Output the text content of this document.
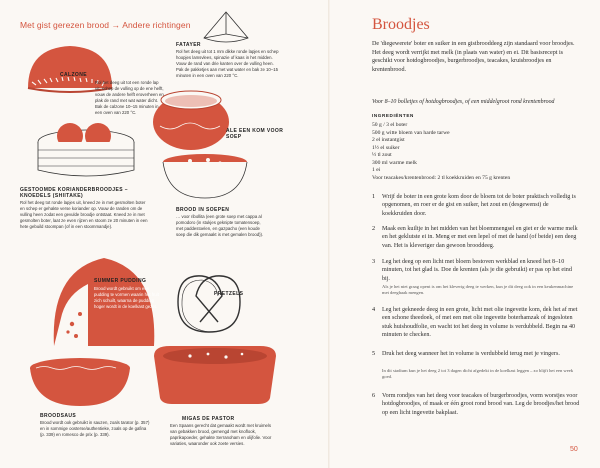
Met gist gerezen brood → Andere richtingen
CALZONE
Rol het deeg uit tot een ronde lap uit, schep de vulling op de ene helft, vouw de andere helft eroverheen en plak de rand met wat water dicht. Bak de calzone 10–15 minuten in een oven van 220 °C.
FATAYER
Rol het deeg uit tot 1 mm dikke ronde lapjes en schep hoopjes lamsvlees, spinazie of kaas in het midden. Vouw de rand van drie kanten over de vulling heen. Pak de pakketjes aan met wat water en bak ze 10–15 minuten in een oven van 220 °C.
ALE EEN KOM VOOR SOEP
GESTOOMDE KORIANDERBROODJES – KNOEDELS (SHIITAKE)
Rol het deeg tot ronde lapjes uit, kneed ze in met gesmolten boter en schep er gehakte verse koriander op. Vouw de randen om de vulling heen zodat een gevulde broodje ontstaat. Kneed ze in met gesmolten boter, laat ze even rijzen en stoom ze 20 minuten in een hete gebuild stoompan (of in een stoommandje).
BROOD IN SOEPEN
… voor ribollita (een grote soep met cappa al pomodoro (in stukjes geknipte tomatensoep, met paddestoelen, en gazpacho (een koude soep die dik gemaakt is met gemalen brood)).
SUMMER PUDDING
Brood wordt gebruikt om een pudding te vormen waarin het fruit zich schuilt, waarna de pudding hoger wordt in de koelkast gezet.
PRETZELS
BROODSAUS
Brood wordt ook gebruikt in sauzen, zoals tarator (p. 357) en in sommige oosterse/authentieke, zoals op de gafina (p. 339) en romesco de prix (p. 339).
MIGAS DE PASTOR
Een Spaans gerecht dat gemaakt wordt met kruimels van gebakken brood, gemengd met knoflook, paprikapoeder, gehakte Serranoham en olijfolie. Voor variaties, waaronder ook zoete versies.
Broodjes
De 'diegewerete' boter en suiker in een gistbrooddeeg zijn standaard voor broodjes. Het deeg wordt verrijkt met melk (in plaats van water) en ei. Dit basisrecept is geschikt voor hotdogbroodjes, burgerbroodjes, teacakes, kruisbroodjes en krentenbrood.
Voor 8–10 bolletjes of hotdogbroodjes, of een middelgroot rond krentenbrood
INGREDIËNTEN
50 g / 3 el boter
500 g witte bloem van harde tarwe
2 el instantgist
1½ el suiker
½ tl zout
300 ml warme melk
1 ei
Voor teacakes/krentenbrood: 2 tl koekkruiden en 75 g krenten
1 Wrijf de boter in een grote kom door de bloem tot de boter praktisch volledig is opgenomen, en roer er de gist en suiker, het zout en (desgewenst) de koekkruiden door.
2 Maak een kuiltje in het midden van het bloemmengsel en giet er de warme melk en het geklutste ei in. Meng er met een lepel of met de hand (of beide) een deeg van. Het is kleveriger dan gewoon brooddeeg.
3 Leg het deeg op een licht met bloem bestoven werkblad en kneed het 8–10 minuten, tot het glad is. Doe de krenten (als je die gebruikt) er pas op het eind bij.
Als je het niet graag opent is om het kleverig deeg te werken, kun je dit deeg ook in een keukenmachine met deeghaak mengen.
4 Leg het gekneede deeg in een grote, licht met olie ingevette kom, dek het af met een schone theedoek, of met een met olie ingevette boterhamzak of ingesloten stuk huishoudfolie, en wacht tot het deeg in volume is verdubbeld. Begin na 40 minuten te checken.
5 Druk het deeg wanneer het in volume is verdubbeld terug met je vingers.
In dit stadium kun je het deeg 2 tot 3 dagen dicht afgedekt in de koelkast leggen – zo blijft het een week goed.
6 Vorm rondjes van het deeg voor teacakes of burgerbroodjes, vorm worstjes voor hotdogbroodjes, of maak er één groot rond brood van. Leg de broodjes/het brood op een licht ingevette bakplaat.
50
